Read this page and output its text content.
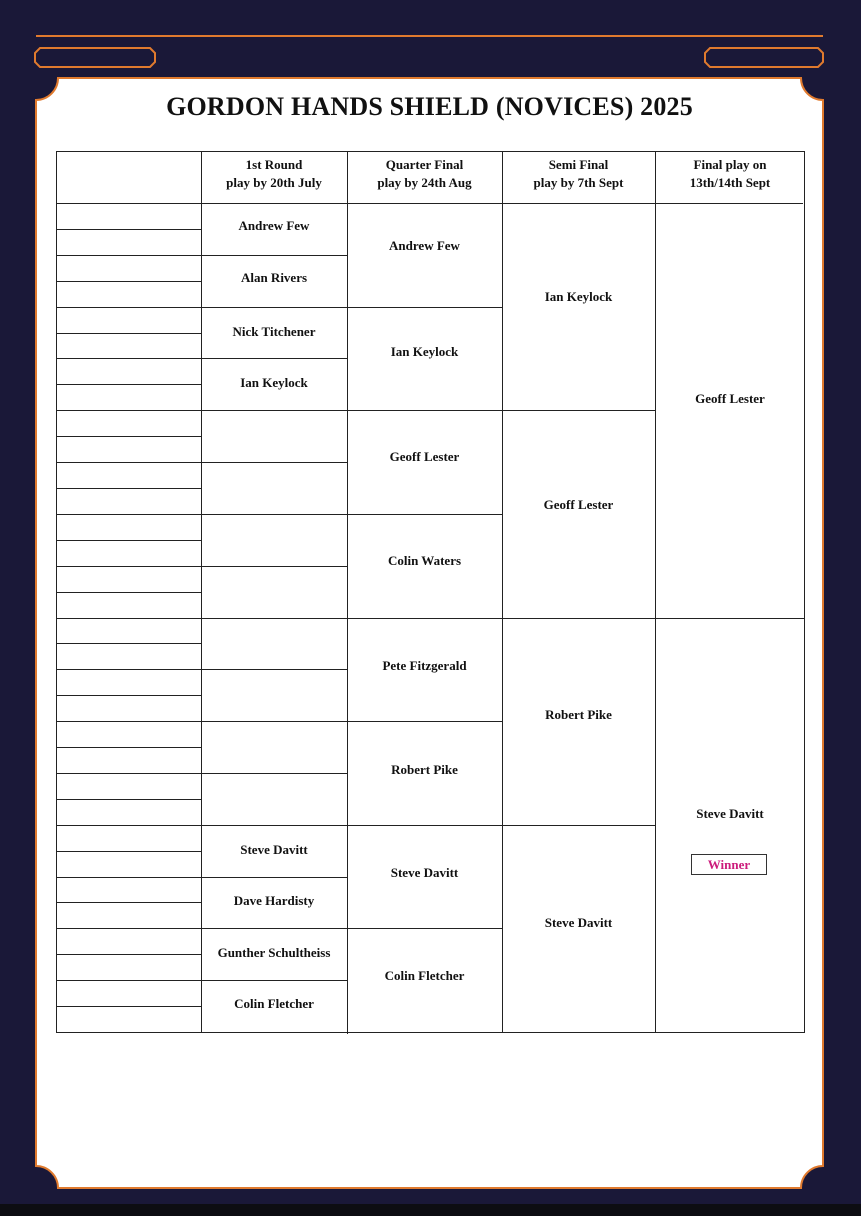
GORDON HANDS SHIELD (NOVICES) 2025
1st Round
play by 20th July
Quarter Final
play by 24th Aug
Semi Final
play by 7th Sept
Final play on
13th/14th Sept
Andrew Few
Alan Rivers
Nick Titchener
Ian Keylock
Steve Davitt
Dave Hardisty
Gunther Schultheiss
Colin Fletcher
Andrew Few
Ian Keylock
Geoff Lester
Colin Waters
Pete Fitzgerald
Robert Pike
Steve Davitt
Colin Fletcher
Ian Keylock
Geoff Lester
Robert Pike
Steve Davitt
Geoff Lester
Steve Davitt
Winner
